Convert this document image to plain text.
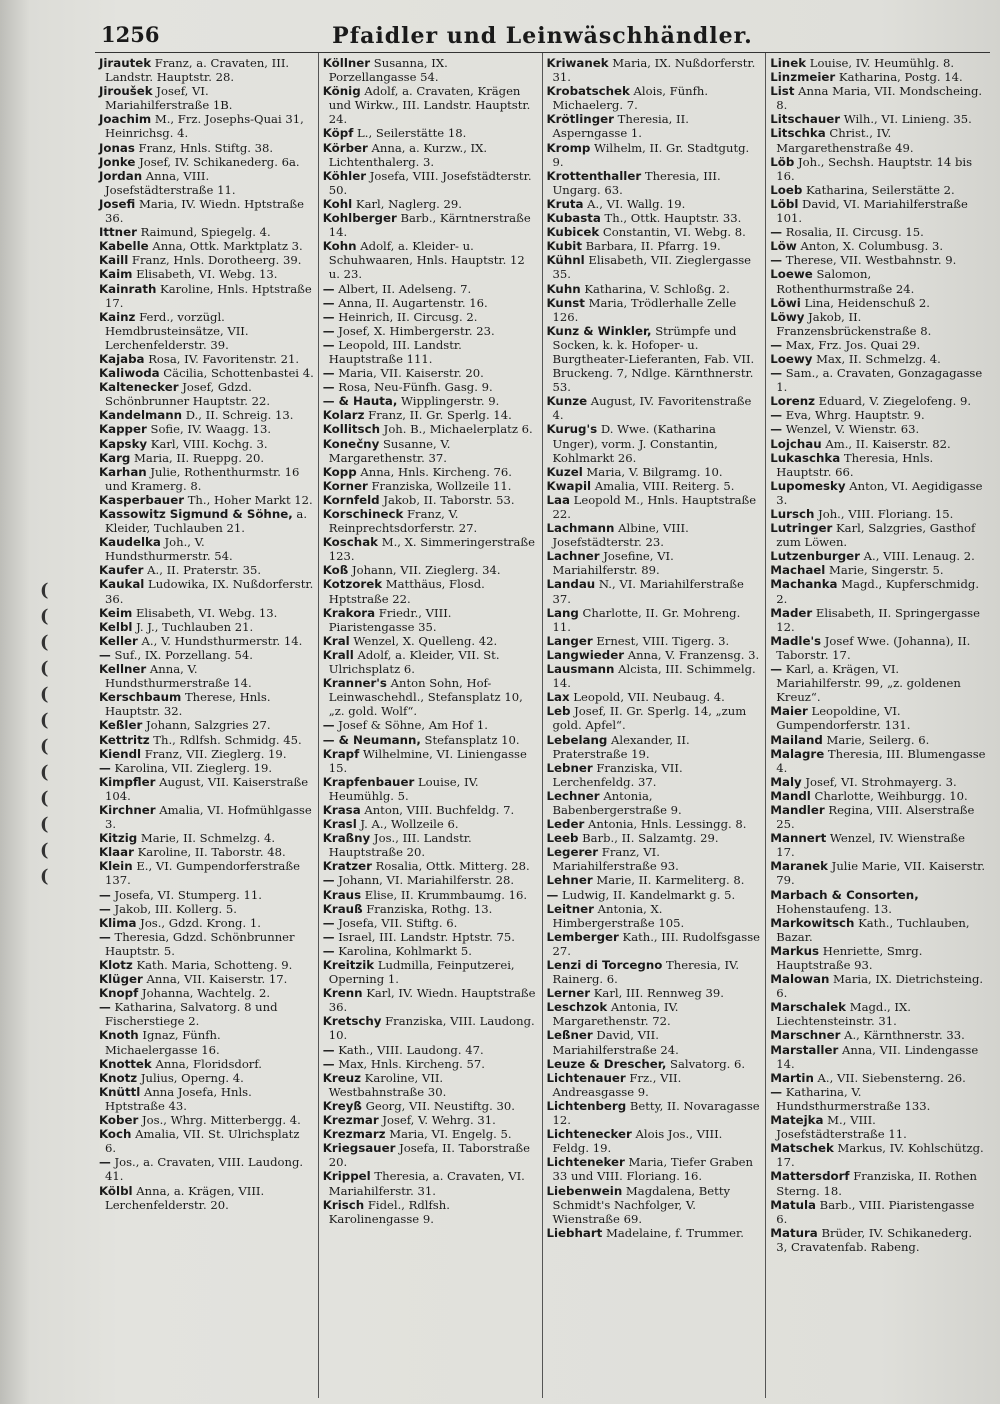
(
(
(
(
(
(
(
(
(
(
(
(
1256	Pfaidler und Leinwäschhändler.

Jirautek Franz, a. Cravaten, III. Landstr. Hauptstr. 28.

Jiroušek Josef, VI. Mariahilferstraße 1B.

Joachim M., Frz. Josephs-Quai 31, Heinrichsg. 4.

Jonas Franz, Hnls. Stiftg. 38.

Jonke Josef, IV. Schikanederg. 6a.

Jordan Anna, VIII. Josefstädterstraße 11.

Josefi Maria, IV. Wiedn. Hptstraße 36.

Ittner Raimund, Spiegelg. 4.

Kabelle Anna, Ottk. Marktplatz 3.

Kaill Franz, Hnls. Dorotheerg. 39.

Kaim Elisabeth, VI. Webg. 13.

Kainrath Karoline, Hnls. Hptstraße 17.

Kainz Ferd., vorzügl. Hemdbrusteinsätze, VII. Lerchenfelderstr. 39.

Kajaba Rosa, IV. Favoritenstr. 21.

Kaliwoda Cäcilia, Schottenbastei 4.

Kaltenecker Josef, Gdzd. Schönbrunner Hauptstr. 22.

Kandelmann D., II. Schreig. 13.

Kapper Sofie, IV. Waagg. 13.

Kapsky Karl, VIII. Kochg. 3.

Karg Maria, II. Rueppg. 20.

Karhan Julie, Rothenthurmstr. 16 und Kramerg. 8.

Kasperbauer Th., Hoher Markt 12.

Kassowitz Sigmund & Söhne, a. Kleider, Tuchlauben 21.

Kaudelka Joh., V. Hundsthurmerstr. 54.

Kaufer A., II. Praterstr. 35.

Kaukal Ludowika, IX. Nußdorferstr. 36.

Keim Elisabeth, VI. Webg. 13.

Kelbl J. J., Tuchlauben 21.

Keller A., V. Hundsthurmerstr. 14.

— Suf., IX. Porzellang. 54.

Kellner Anna, V. Hundsthurmerstraße 14.

Kerschbaum Therese, Hnls. Hauptstr. 32.

Keßler Johann, Salzgries 27.

Kettritz Th., Rdlfsh. Schmidg. 45.

Kiendl Franz, VII. Zieglerg. 19.

— Karolina, VII. Zieglerg. 19.

Kimpfler August, VII. Kaiserstraße 104.

Kirchner Amalia, VI. Hofmühlgasse 3.

Kitzig Marie, II. Schmelzg. 4.

Klaar Karoline, II. Taborstr. 48.

Klein E., VI. Gumpendorferstraße 137.

— Josefa, VI. Stumperg. 11.

— Jakob, III. Kollerg. 5.

Klima Jos., Gdzd. Krong. 1.

— Theresia, Gdzd. Schönbrunner Hauptstr. 5.

Klotz Kath. Maria, Schotteng. 9.

Klüger Anna, VII. Kaiserstr. 17.

Knopf Johanna, Wachtelg. 2.

— Katharina, Salvatorg. 8 und Fischerstiege 2.

Knoth Ignaz, Fünfh. Michaelergasse 16.

Knottek Anna, Floridsdorf.

Knotz Julius, Operng. 4.

Knüttl Anna Josefa, Hnls. Hptstraße 43.

Kober Jos., Whrg. Mitterbergg. 4.

Koch Amalia, VII. St. Ulrichsplatz 6.

— Jos., a. Cravaten, VIII. Laudong. 41.

Kölbl Anna, a. Krägen, VIII. Lerchenfelderstr. 20.

Köllner Susanna, IX. Porzellangasse 54.

König Adolf, a. Cravaten, Krägen und Wirkw., III. Landstr. Hauptstr. 24.

Köpf L., Seilerstätte 18.

Körber Anna, a. Kurzw., IX. Lichtenthalerg. 3.

Köhler Josefa, VIII. Josefstädterstr. 50.

Kohl Karl, Naglerg. 29.

Kohlberger Barb., Kärntnerstraße 14.

Kohn Adolf, a. Kleider- u. Schuhwaaren, Hnls. Hauptstr. 12 u. 23.

— Albert, II. Adelseng. 7.

— Anna, II. Augartenstr. 16.

— Heinrich, II. Circusg. 2.

— Josef, X. Himbergerstr. 23.

— Leopold, III. Landstr. Hauptstraße 111.

— Maria, VII. Kaiserstr. 20.

— Rosa, Neu-Fünfh. Gasg. 9.

— & Hauta, Wipplingerstr. 9.

Kolarz Franz, II. Gr. Sperlg. 14.

Kollitsch Joh. B., Michaelerplatz 6.

Konečny Susanne, V. Margarethenstr. 37.

Kopp Anna, Hnls. Kircheng. 76.

Korner Franziska, Wollzeile 11.

Kornfeld Jakob, II. Taborstr. 53.

Korschineck Franz, V. Reinprechtsdorferstr. 27.

Koschak M., X. Simmeringerstraße 123.

Koß Johann, VII. Zieglerg. 34.

Kotzorek Matthäus, Flosd. Hptstraße 22.

Krakora Friedr., VIII. Piaristengasse 35.

Kral Wenzel, X. Quelleng. 42.

Krall Adolf, a. Kleider, VII. St. Ulrichsplatz 6.

Kranner's Anton Sohn, Hof-Leinwaschehdl., Stefansplatz 10, „z. gold. Wolf“.

— Josef & Söhne, Am Hof 1.

— & Neumann, Stefansplatz 10.

Krapf Wilhelmine, VI. Liniengasse 15.

Krapfenbauer Louise, IV. Heumühlg. 5.

Krasa Anton, VIII. Buchfeldg. 7.

Krasl J. A., Wollzeile 6.

Kraßny Jos., III. Landstr. Hauptstraße 20.

Kratzer Rosalia, Ottk. Mitterg. 28.

— Johann, VI. Mariahilferstr. 28.

Kraus Elise, II. Krummbaumg. 16.

Krauß Franziska, Rothg. 13.

— Josefa, VII. Stiftg. 6.

— Israel, III. Landstr. Hptstr. 75.

— Karolina, Kohlmarkt 5.

Kreitzik Ludmilla, Feinputzerei, Operning 1.

Krenn Karl, IV. Wiedn. Hauptstraße 36.

Kretschy Franziska, VIII. Laudong. 10.

— Kath., VIII. Laudong. 47.

— Max, Hnls. Kircheng. 57.

Kreuz Karoline, VII. Westbahnstraße 30.

Kreyß Georg, VII. Neustiftg. 30.

Krezmar Josef, V. Wehrg. 31.

Krezmarz Maria, VI. Engelg. 5.

Kriegsauer Josefa, II. Taborstraße 20.

Krippel Theresia, a. Cravaten, VI. Mariahilferstr. 31.

Krisch Fidel., Rdlfsh. Karolinengasse 9.

Kriwanek Maria, IX. Nußdorferstr. 31.

Krobatschek Alois, Fünfh. Michaelerg. 7.

Krötlinger Theresia, II. Asperngasse 1.

Kromp Wilhelm, II. Gr. Stadtgutg. 9.

Krottenthaller Theresia, III. Ungarg. 63.

Kruta A., VI. Wallg. 19.

Kubasta Th., Ottk. Hauptstr. 33.

Kubicek Constantin, VI. Webg. 8.

Kubit Barbara, II. Pfarrg. 19.

Kühnl Elisabeth, VII. Zieglergasse 35.

Kuhn Katharina, V. Schloßg. 2.

Kunst Maria, Trödlerhalle Zelle 126.

Kunz & Winkler, Strümpfe und Socken, k. k. Hofoper- u. Burgtheater-Lieferanten, Fab. VII. Bruckeng. 7, Ndlge. Kärnthnerstr. 53.

Kunze August, IV. Favoritenstraße 4.

Kurug's D. Wwe. (Katharina Unger), vorm. J. Constantin, Kohlmarkt 26.

Kuzel Maria, V. Bilgramg. 10.

Kwapil Amalia, VIII. Reiterg. 5.

Laa Leopold M., Hnls. Hauptstraße 22.

Lachmann Albine, VIII. Josefstädterstr. 23.

Lachner Josefine, VI. Mariahilferstr. 89.

Landau N., VI. Mariahilferstraße 37.

Lang Charlotte, II. Gr. Mohreng. 11.

Langer Ernest, VIII. Tigerg. 3.

Langwieder Anna, V. Franzensg. 3.

Lausmann Alcista, III. Schimmelg. 14.

Lax Leopold, VII. Neubaug. 4.

Leb Josef, II. Gr. Sperlg. 14, „zum gold. Apfel“.

Lebelang Alexander, II. Praterstraße 19.

Lebner Franziska, VII. Lerchenfeldg. 37.

Lechner Antonia, Babenbergerstraße 9.

Leder Antonia, Hnls. Lessingg. 8.

Leeb Barb., II. Salzamtg. 29.

Legerer Franz, VI. Mariahilferstraße 93.

Lehner Marie, II. Karmeliterg. 8.

— Ludwig, II. Kandelmarkt g. 5.

Leitner Antonia, X. Himbergerstraße 105.

Lemberger Kath., III. Rudolfsgasse 27.

Lenzi di Torcegno Theresia, IV. Rainerg. 6.

Lerner Karl, III. Rennweg 39.

Leschzok Antonia, IV. Margarethenstr. 72.

Leßner David, VII. Mariahilferstraße 24.

Leuze & Drescher, Salvatorg. 6.

Lichtenauer Frz., VII. Andreasgasse 9.

Lichtenberg Betty, II. Novaragasse 12.

Lichtenecker Alois Jos., VIII. Feldg. 19.

Lichteneker Maria, Tiefer Graben 33 und VIII. Floriang. 16.

Liebenwein Magdalena, Betty Schmidt's Nachfolger, V. Wienstraße 69.

Liebhart Madelaine, f. Trummer.

Linek Louise, IV. Heumühlg. 8.

Linzmeier Katharina, Postg. 14.

List Anna Maria, VII. Mondscheing. 8.

Litschauer Wilh., VI. Linieng. 35.

Litschka Christ., IV. Margarethenstraße 49.

Löb Joh., Sechsh. Hauptstr. 14 bis 16.

Loeb Katharina, Seilerstätte 2.

Löbl David, VI. Mariahilferstraße 101.

— Rosalia, II. Circusg. 15.

Löw Anton, X. Columbusg. 3.

— Therese, VII. Westbahnstr. 9.

Loewe Salomon, Rothenthurmstraße 24.

Löwi Lina, Heidenschuß 2.

Löwy Jakob, II. Franzensbrückenstraße 8.

— Max, Frz. Jos. Quai 29.

Loewy Max, II. Schmelzg. 4.

— Sam., a. Cravaten, Gonzagagasse 1.

Lorenz Eduard, V. Ziegelofeng. 9.

— Eva, Whrg. Hauptstr. 9.

— Wenzel, V. Wienstr. 63.

Lojchau Am., II. Kaiserstr. 82.

Lukaschka Theresia, Hnls. Hauptstr. 66.

Lupomesky Anton, VI. Aegidigasse 3.

Lursch Joh., VIII. Floriang. 15.

Lutringer Karl, Salzgries, Gasthof zum Löwen.

Lutzenburger A., VIII. Lenaug. 2.

Machael Marie, Singerstr. 5.

Machanka Magd., Kupferschmidg. 2.

Mader Elisabeth, II. Springergasse 12.

Madle's Josef Wwe. (Johanna), II. Taborstr. 17.

— Karl, a. Krägen, VI. Mariahilferstr. 99, „z. goldenen Kreuz“.

Maier Leopoldine, VI. Gumpendorferstr. 131.

Mailand Marie, Seilerg. 6.

Malagre Theresia, III. Blumengasse 4.

Maly Josef, VI. Strohmayerg. 3.

Mandl Charlotte, Weihburgg. 10.

Mandler Regina, VIII. Alserstraße 25.

Mannert Wenzel, IV. Wienstraße 17.

Maranek Julie Marie, VII. Kaiserstr. 79.

Marbach & Consorten, Hohenstaufeng. 13.

Markowitsch Kath., Tuchlauben, Bazar.

Markus Henriette, Smrg. Hauptstraße 93.

Malowan Maria, IX. Dietrichsteing. 6.

Marschalek Magd., IX. Liechtensteinstr. 31.

Marschner A., Kärnthnerstr. 33.

Marstaller Anna, VII. Lindengasse 14.

Martin A., VII. Siebensterng. 26.

— Katharina, V. Hundsthurmerstraße 133.

Matejka M., VIII. Josefstädterstraße 11.

Matschek Markus, IV. Kohlschützg. 17.

Mattersdorf Franziska, II. Rothen Sterng. 18.

Matula Barb., VIII. Piaristengasse 6.

Matura Brüder, IV. Schikanederg. 3, Cravatenfab. Rabeng.
